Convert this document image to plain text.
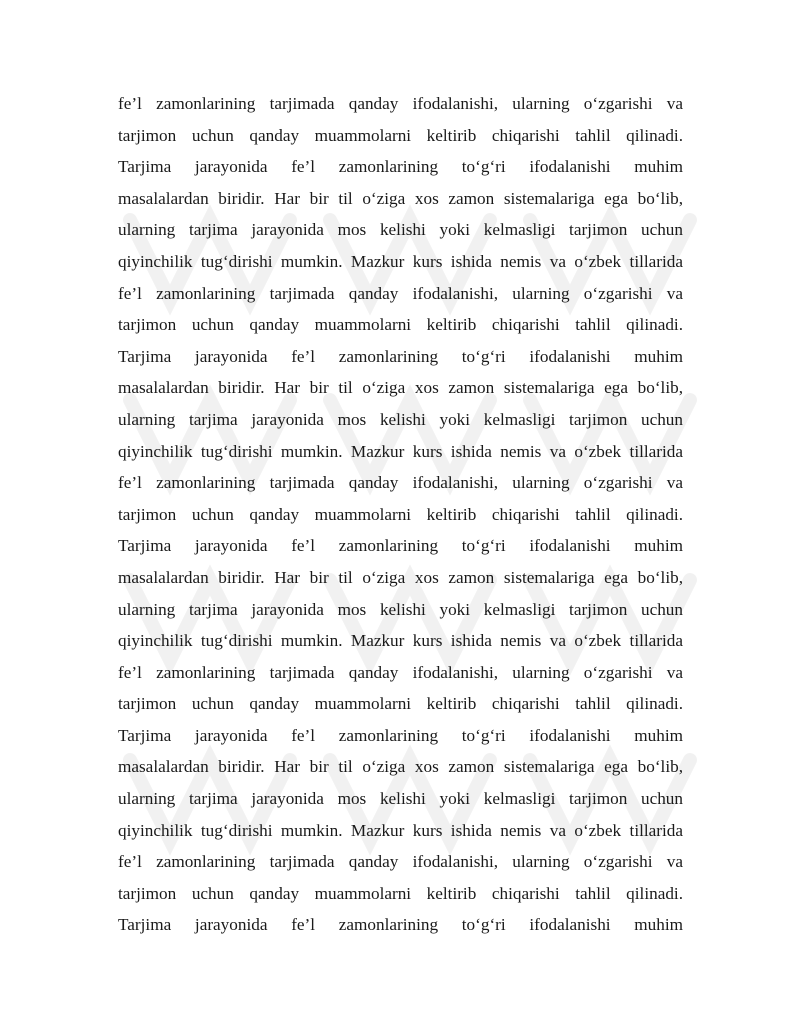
fe’l zamonlarining tarjimada qanday ifodalanishi, ularning o‘zgarishi va
tarjimon uchun qanday muammolarni keltirib chiqarishi tahlil qilinadi.
Tarjima jarayonida fe’l zamonlarining to‘g‘ri ifodalanishi muhim
masalalardan biridir. Har bir til o‘ziga xos zamon sistemalariga ega bo‘lib,
ularning tarjima jarayonida mos kelishi yoki kelmasligi tarjimon uchun
qiyinchilik tug‘dirishi mumkin. Mazkur kurs ishida nemis va o‘zbek tillarida
fe’l zamonlarining tarjimada qanday ifodalanishi, ularning o‘zgarishi va
tarjimon uchun qanday muammolarni keltirib chiqarishi tahlil qilinadi.
Tarjima jarayonida fe’l zamonlarining to‘g‘ri ifodalanishi muhim
masalalardan biridir. Har bir til o‘ziga xos zamon sistemalariga ega bo‘lib,
ularning tarjima jarayonida mos kelishi yoki kelmasligi tarjimon uchun
qiyinchilik tug‘dirishi mumkin. Mazkur kurs ishida nemis va o‘zbek tillarida
fe’l zamonlarining tarjimada qanday ifodalanishi, ularning o‘zgarishi va
tarjimon uchun qanday muammolarni keltirib chiqarishi tahlil qilinadi.
Tarjima jarayonida fe’l zamonlarining to‘g‘ri ifodalanishi muhim
masalalardan biridir. Har bir til o‘ziga xos zamon sistemalariga ega bo‘lib,
ularning tarjima jarayonida mos kelishi yoki kelmasligi tarjimon uchun
qiyinchilik tug‘dirishi mumkin. Mazkur kurs ishida nemis va o‘zbek tillarida
fe’l zamonlarining tarjimada qanday ifodalanishi, ularning o‘zgarishi va
tarjimon uchun qanday muammolarni keltirib chiqarishi tahlil qilinadi.
Tarjima jarayonida fe’l zamonlarining to‘g‘ri ifodalanishi muhim
masalalardan biridir. Har bir til o‘ziga xos zamon sistemalariga ega bo‘lib,
ularning tarjima jarayonida mos kelishi yoki kelmasligi tarjimon uchun
qiyinchilik tug‘dirishi mumkin. Mazkur kurs ishida nemis va o‘zbek tillarida
fe’l zamonlarining tarjimada qanday ifodalanishi, ularning o‘zgarishi va
tarjimon uchun qanday muammolarni keltirib chiqarishi tahlil qilinadi.
Tarjima jarayonida fe’l zamonlarining to‘g‘ri ifodalanishi muhim
